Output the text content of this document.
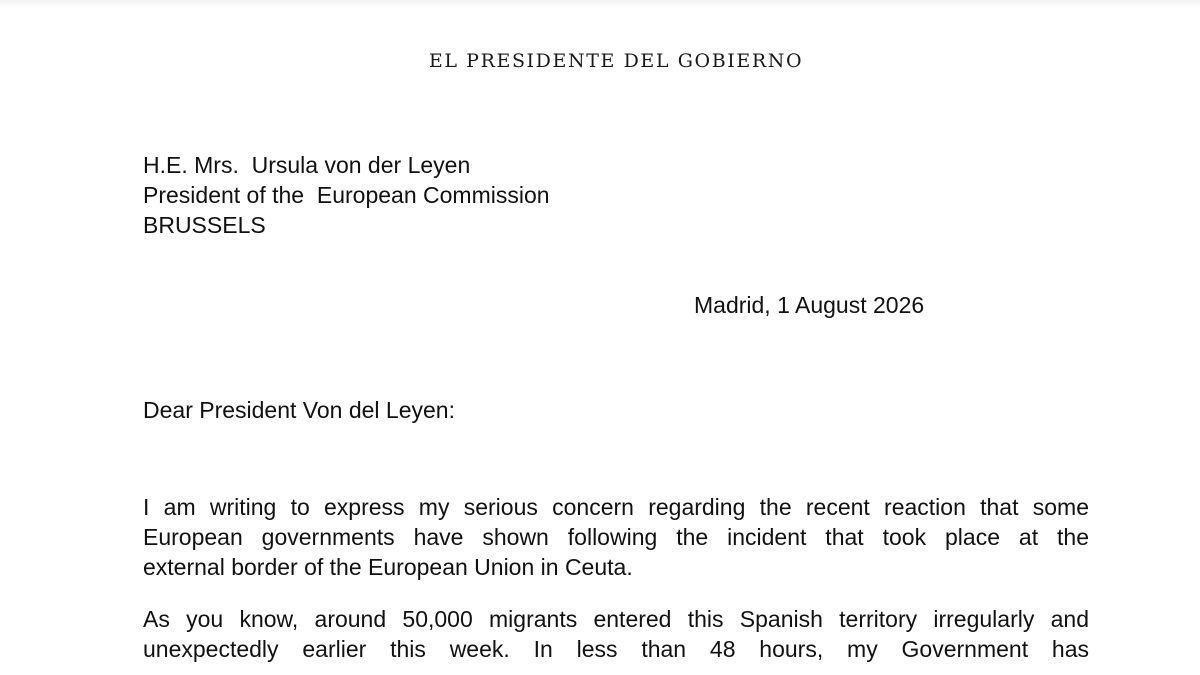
EL PRESIDENTE DEL GOBIERNO
H.E. Mrs.  Ursula von der Leyen
President of the  European Commission
BRUSSELS
Madrid, 1 August 2026
Dear President Von del Leyen:
I am writing to express my serious concern regarding the recent reaction that some
European governments have shown following the incident that took place at the
external border of the European Union in Ceuta.
As you know, around 50,000 migrants entered this Spanish territory irregularly and
unexpectedly earlier this week. In less than 48 hours, my Government has
